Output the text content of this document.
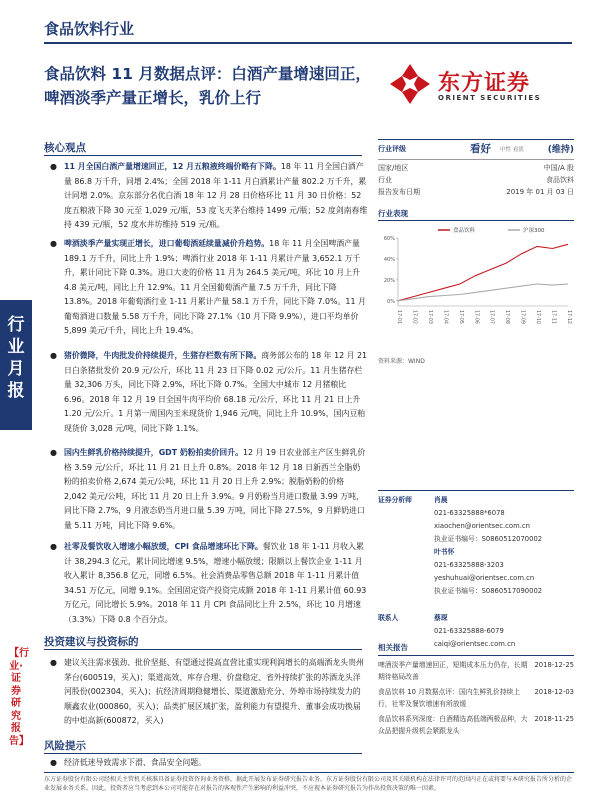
食品饮料行业
食品饮料 11 月数据点评：白酒产量增速回正，啤酒淡季产量正增长，乳价上行
东方证券
ORIENT SECURITIES
行业月报
【行业·证券研究报告】
核心观点
● 11 月全国白酒产量增速回正，12 月五粮液终端价略有下降。18 年 11 月全国白酒产量 86.8 万千升，同增 2.4%；全国 2018 年 1-11 月白酒累计产量 802.2 万千升，累计同增 2.0%。京东部分名优白酒 18 年 12 月 28 日价格环比 11 月 30 日价格：52 度五粮液下降 30 元至 1,029 元/瓶，53 度飞天茅台维持 1499 元/瓶；52 度剑南春维持 439 元/瓶，52 度水井坊维持 519 元/瓶。
● 啤酒淡季产量实现正增长，进口葡萄酒延续量减价升趋势。18 年 11 月全国啤酒产量 189.1 万千升，同比上升 1.9%；啤酒行业 2018 年 1-11 月累计产量 3,652.1 万千升，累计同比下降 0.3%。进口大麦的价格 11 月为 264.5 美元/吨，环比 10 月上升 4.8 美元/吨，同比上升 12.9%。11 月全国葡萄酒产量 7.5 万千升，同比下降 13.8%。2018 年葡萄酒行业 1-11 月累计产量 58.1 万千升，同比下降 7.0%。11 月葡萄酒进口数量 5.58 万千升，同比下降 27.1%（10 月下降 9.9%），进口平均单价 5,899 美元/千升，同比上升 19.4%。
● 猪价微降，牛肉批发价持续提升，生猪存栏数有所下降。商务部公布的 18 年 12 月 21 日白条猪批发价 20.9 元/公斤，环比 11 月 23 日下降 0.02 元/公斤。11 月生猪存栏量 32,306 万头，同比下降 2.9%，环比下降 0.7%。全国大中城市 12 月猪粮比 6.96。2018 年 12 月 19 日全国牛肉平均价 68.18 元/公斤，环比 11 月 21 日上升 1.20 元/公斤。1 月第一周国内玉米现货价 1,946 元/吨，同比上升 10.9%，国内豆粕现货价 3,028 元/吨，同比下降 1.1%。
● 国内生鲜乳价格持续提升，GDT 奶粉拍卖价回升。12 月 19 日农业部主产区生鲜乳价格 3.59 元/公斤，环比 11 月 21 日上升 0.8%。2018 年 12 月 18 日新西兰全脂奶粉的拍卖价格 2,674 美元/公吨，环比 11 月 20 日上升 2.9%；脱脂奶粉的价格 2,042 美元/公吨，环比 11 月 20 日上升 3.9%。9 月奶粉当月进口数量 3.99 万吨，同比下降 2.7%，9 月液态奶当月进口量 5.39 万吨，同比下降 27.5%，9 月鲜奶进口量 5.11 万吨，同比下降 9.6%。
● 社零及餐饮收入增速小幅放缓，CPI 食品增速环比下降。餐饮业 18 年 1-11 月收入累计 38,294.3 亿元，累计同比增速 9.5%，增速小幅放缓；限额以上餐饮企业 1-11 月收入累计 8,356.8 亿元，同增 6.5%。社会消费品零售总额 2018 年 1-11 月累计值 34.51 万亿元，同增 9.1%。全国固定资产投资完成额 2018 年 1-11 月累计值 60.93 万亿元，同比增长 5.9%。2018 年 11 月 CPI 食品同比上升 2.5%，环比 10 月增速（3.3%）下降 0.8 个百分点。
投资建议与投资标的
● 建议关注需求强劲、批价坚挺、有望通过提高直营比重实现利润增长的高端酒龙头贵州茅台(600519，买入)；渠道高效、库存合理、价盘稳定、省外持续扩张的苏酒龙头洋河股份(002304，买入)；抗经济周期稳健增长、渠道激励充分、外埠市场持续发力的顺鑫农业(000860，买入)；品类扩展区域扩张，盈利能力有望提升、董事会成功换届的中炬高新(600872，买入)
风险提示
● 经济低迷导致需求下滑、食品安全问题。
行业评级	看好 中性 看淡	(维持)
国家/地区	中国/A 股
行业	食品饮料
报告发布日期	2019 年 01 月 03 日
行业表现
0%
20%
40%
60%
17-01 17-02 17-03 17-04 17-05 17-06 17-07 17-08 17-09 17-10 17-11 17-12
食品饮料	沪深300
资料来源：WIND
证券分析师	肖晨
021-63325888*6078
xiaochen@orientsec.com.cn
执业证书编号：S0860512070002
叶书怀
021-63325888-3203
yeshuhuai@orientsec.com.cn
执业证书编号：S0860517090002
联系人	蔡琛
021-63325888-6079
caiqi@orientsec.com.cn
相关报告
啤酒淡季产量增速回正，短期成本压力仍存，长期期待格局改善
2018-12-25
食品饮料 10 月数据点评：国内生鲜乳价持续上行，社零及餐饮增速有所放缓
2018-12-03
食品饮料系列深度：白酒精选高低端两极品种，大众品把握升级机会紧跟龙头
2018-11-25
东方证券股份有限公司经相关主管机关核准具备证券投资咨询业务资格，据此开展发布证券研究报告业务。东方证券股份有限公司及其关联机构在法律许可的范围内正在或将要与本研究报告所分析的企业发展业务关系。因此，投资者应当考虑到本公司可能存在对报告的客观性产生影响的利益冲突，不应视本证券研究报告为作出投资决策的唯一因素。
